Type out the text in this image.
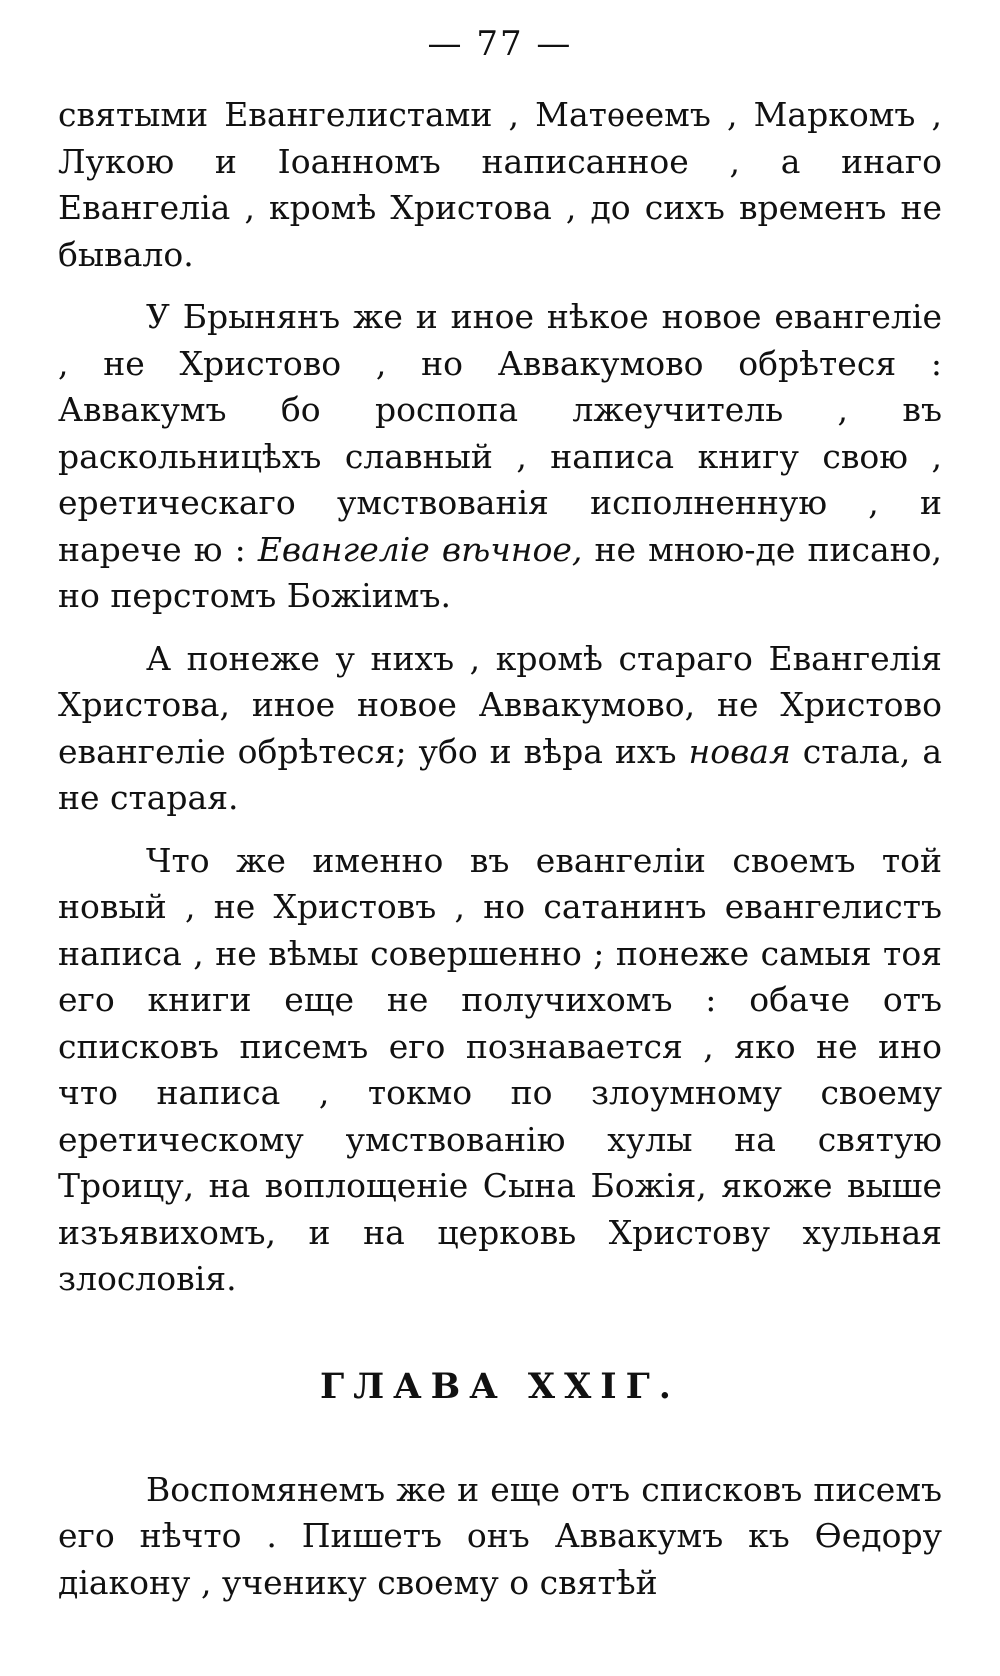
— 77 —

святыми Евангелистами , Матѳеемъ , Маркомъ , Лукою и Іоанномъ написанное , а инаго Евангеліа , кромѣ Христова , до сихъ временъ не бывало.

У Брынянъ же и иное нѣкое новое евангеліе , не Христово , но Аввакумово обрѣтеся : Аввакумъ бо роспопа лжеучитель , въ раскольницѣхъ славный , написа книгу свою , еретическаго умствованія исполненную , и нарече ю : Евангеліе вѣчное, не мною-де писано, но перстомъ Божіимъ.

А понеже у нихъ , кромѣ стараго Евангелія Христова, иное новое Аввакумово, не Христово евангеліе обрѣтеся; убо и вѣра ихъ новая стала, а не старая.

Что же именно въ евангеліи своемъ той новый , не Христовъ , но сатанинъ евангелистъ написа , не вѣмы совершенно ; понеже самыя тоя его книги еще не получихомъ : обаче отъ списковъ писемъ его познавается , яко не ино что написа , токмо по злоумному своему еретическому умствованію хулы на святую Троицу, на воплощеніе Сына Божія, якоже выше изъявихомъ, и на церковь Христову хульная злословія.

ГЛАВА XXIГ.

Воспомянемъ же и еще отъ списковъ писемъ его нѣчто . Пишетъ онъ Аввакумъ къ Ѳедору діакону , ученику своему о святѣй
